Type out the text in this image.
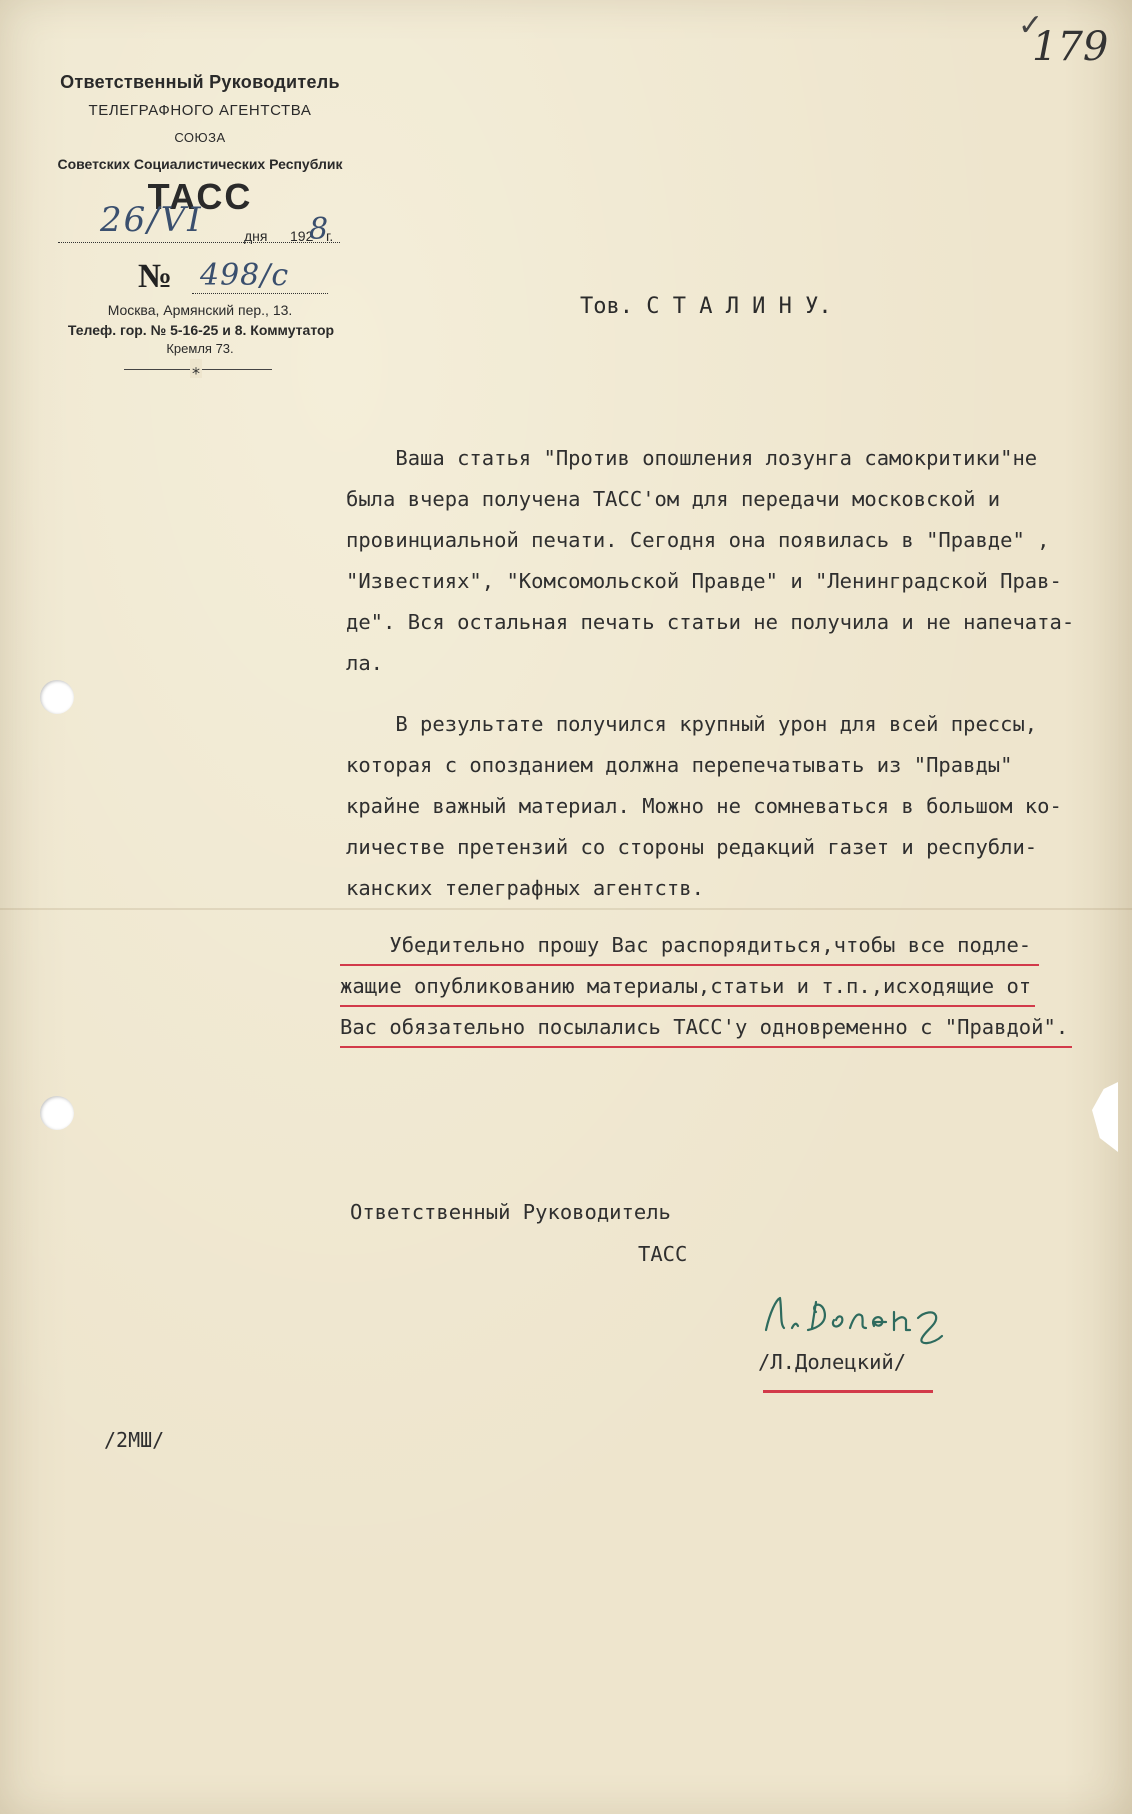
Ответственный Руководитель
ТЕЛЕГРАФНОГО АГЕНТСТВА
СОЮЗА
Советских Социалистических Республик
ТАСС
26/VI	дня 192
8
г.
№ 498/с
Москва, Армянский пер., 13.
Телеф. гор. № 5-16-25 и 8. Коммутатор
Кремля 73.
⁎
✓
179
Тов. С Т А Л И Н У.
Ваша статья "Против опошления лозунга самокритики"не
была вчера получена ТАСС'ом для передачи московской и
провинциальной печати. Сегодня она появилась в "Правде" ,
"Известиях", "Комсомольской Правде" и "Ленинградской Прав-
де". Вся остальная печать статьи не получила и не напечата-
ла.
В результате получился крупный урон для всей прессы,
которая с опозданием должна перепечатывать из "Правды"
крайне важный материал. Можно не сомневаться в большом ко-
личестве претензий со стороны редакций газет и республи-
канских телеграфных агентств.
Убедительно прошу Вас распорядиться,чтобы все подле-
жащие опубликованию материалы,статьи и т.п.,исходящие от
Вас обязательно посылались ТАСС'у одновременно с "Правдой".
Ответственный Руководитель
ТАСС
/Л.Долецкий/
/2МШ/
